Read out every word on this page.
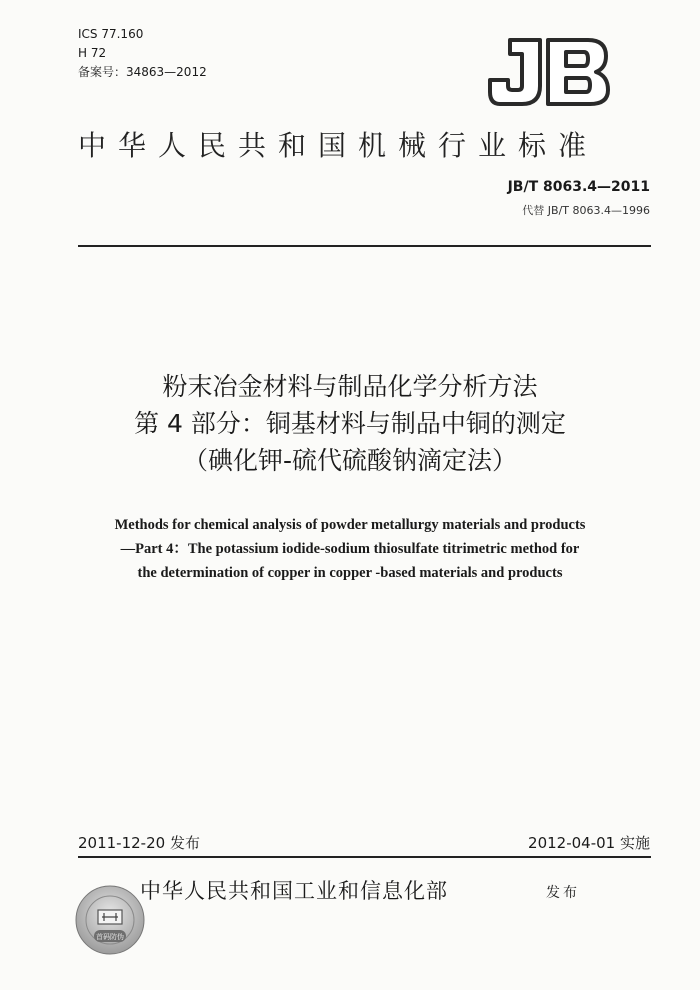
ICS 77.160
H 72
备案号：34863—2012
中华人民共和国机械行业标准
JB/T 8063.4—2011
代替 JB/T 8063.4—1996
粉末冶金材料与制品化学分析方法
第 4 部分：铜基材料与制品中铜的测定
（碘化钾-硫代硫酸钠滴定法）
Methods for chemical analysis of powder metallurgy materials and products
—Part 4：The potassium iodide-sodium thiosulfate titrimetric method for
the determination of copper in copper -based materials and products
2011-12-20 发布	2012-04-01 实施
首码防伪
中华人民共和国工业和信息化部	发布
